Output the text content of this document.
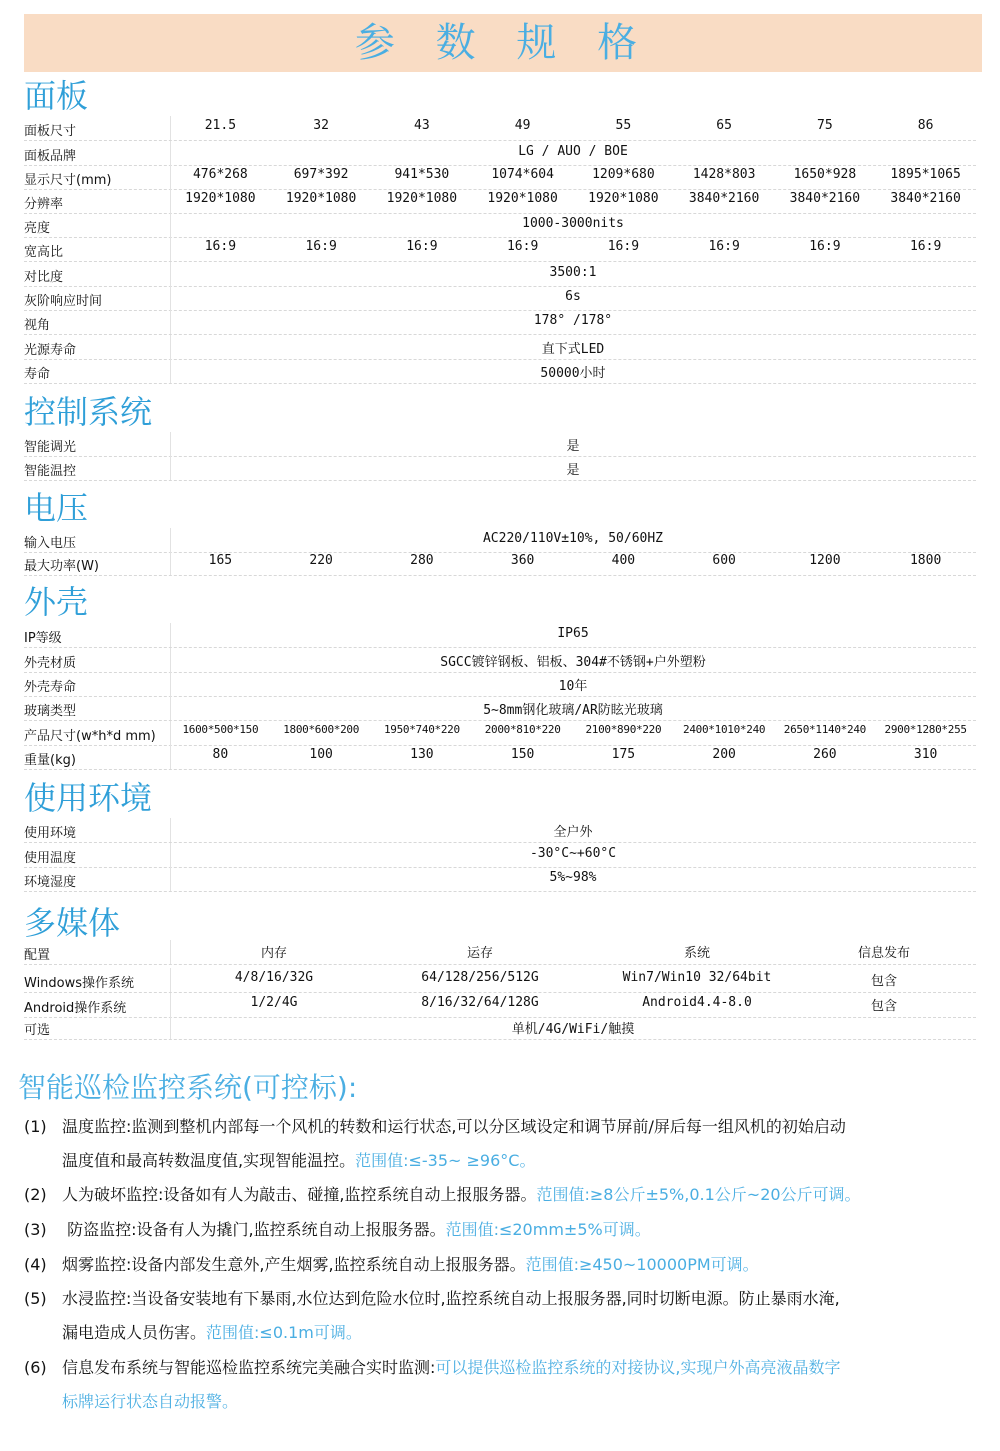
参 数 规 格
面板
面板尺寸	21.5	32	43	49	55	65	75	86
面板品牌	LG / AUO / BOE
显示尺寸(mm)	476*268	697*392	941*530	1074*604	1209*680	1428*803	1650*928	1895*1065
分辨率	1920*1080	1920*1080	1920*1080	1920*1080	1920*1080	3840*2160	3840*2160	3840*2160
亮度	1000-3000nits
宽高比	16:9	16:9	16:9	16:9	16:9	16:9	16:9	16:9
对比度	3500:1
灰阶响应时间	6s
视角	178° /178°
光源寿命	直下式LED
寿命	50000小时
控制系统
智能调光	是
智能温控	是
电压
输入电压	AC220/110V±10%, 50/60HZ
最大功率(W)	165	220	280	360	400	600	1200	1800
外壳
IP等级	IP65
外壳材质	SGCC镀锌钢板、铝板、304#不锈钢+户外塑粉
外壳寿命	10年
玻璃类型	5~8mm钢化玻璃/AR防眩光玻璃
产品尺寸(w*h*d mm)	1600*500*150	1800*600*200	1950*740*220	2000*810*220	2100*890*220	2400*1010*240	2650*1140*240	2900*1280*255
重量(kg)	80	100	130	150	175	200	260	310
使用环境
使用环境	全户外
使用温度	-30°C~+60°C
环境湿度	5%~98%
多媒体
配置	内存	运存	系统	信息发布
Windows操作系统	4/8/16/32G	64/128/256/512G	Win7/Win10 32/64bit	包含
Android操作系统	1/2/4G	8/16/32/64/128G	Android4.4-8.0	包含
可选	单机/4G/WiFi/触摸
智能巡检监控系统(可控标):
(1) 温度监控:监测到整机内部每一个风机的转数和运行状态,可以分区域设定和调节屏前/屏后每一组风机的初始启动
温度值和最高转数温度值,实现智能温控。范围值:≤-35~ ≥96°C。
(2) 人为破坏监控:设备如有人为敲击、碰撞,监控系统自动上报服务器。范围值:≥8公斤±5%,0.1公斤~20公斤可调。
(3) 防盗监控:设备有人为撬门,监控系统自动上报服务器。范围值:≤20mm±5%可调。
(4) 烟雾监控:设备内部发生意外,产生烟雾,监控系统自动上报服务器。范围值:≥450~10000PM可调。
(5) 水浸监控:当设备安装地有下暴雨,水位达到危险水位时,监控系统自动上报服务器,同时切断电源。防止暴雨水淹,
漏电造成人员伤害。范围值:≤0.1m可调。
(6) 信息发布系统与智能巡检监控系统完美融合实时监测:可以提供巡检监控系统的对接协议,实现户外高亮液晶数字
标牌运行状态自动报警。
